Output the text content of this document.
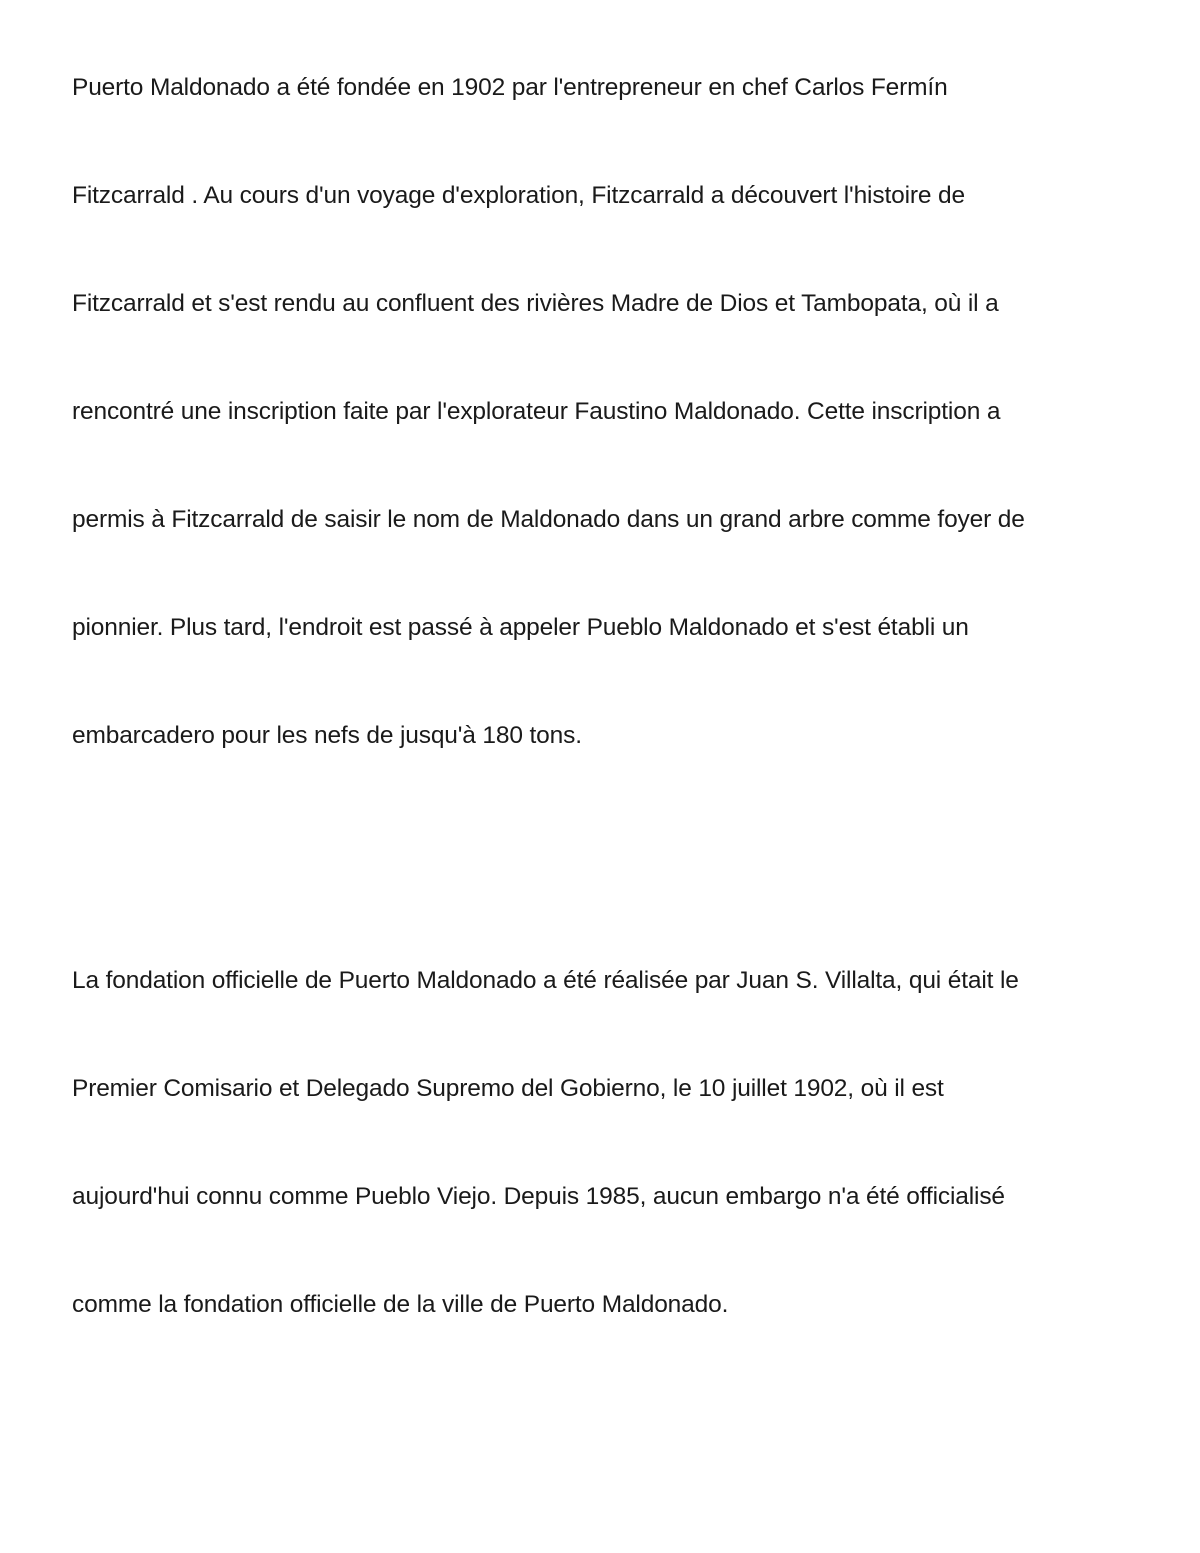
Puerto Maldonado a été fondée en 1902 par l'entrepreneur en chef Carlos Fermín
Fitzcarrald . Au cours d'un voyage d'exploration, Fitzcarrald a découvert l'histoire de
Fitzcarrald et s'est rendu au confluent des rivières Madre de Dios et Tambopata, où il a
rencontré une inscription faite par l'explorateur Faustino Maldonado. Cette inscription a
permis à Fitzcarrald de saisir le nom de Maldonado dans un grand arbre comme foyer de
pionnier. Plus tard, l'endroit est passé à appeler Pueblo Maldonado et s'est établi un
embarcadero pour les nefs de jusqu'à 180 tons.
La fondation officielle de Puerto Maldonado a été réalisée par Juan S. Villalta, qui était le
Premier Comisario et Delegado Supremo del Gobierno, le 10 juillet 1902, où il est
aujourd'hui connu comme Pueblo Viejo. Depuis 1985, aucun embargo n'a été officialisé
comme la fondation officielle de la ville de Puerto Maldonado.
